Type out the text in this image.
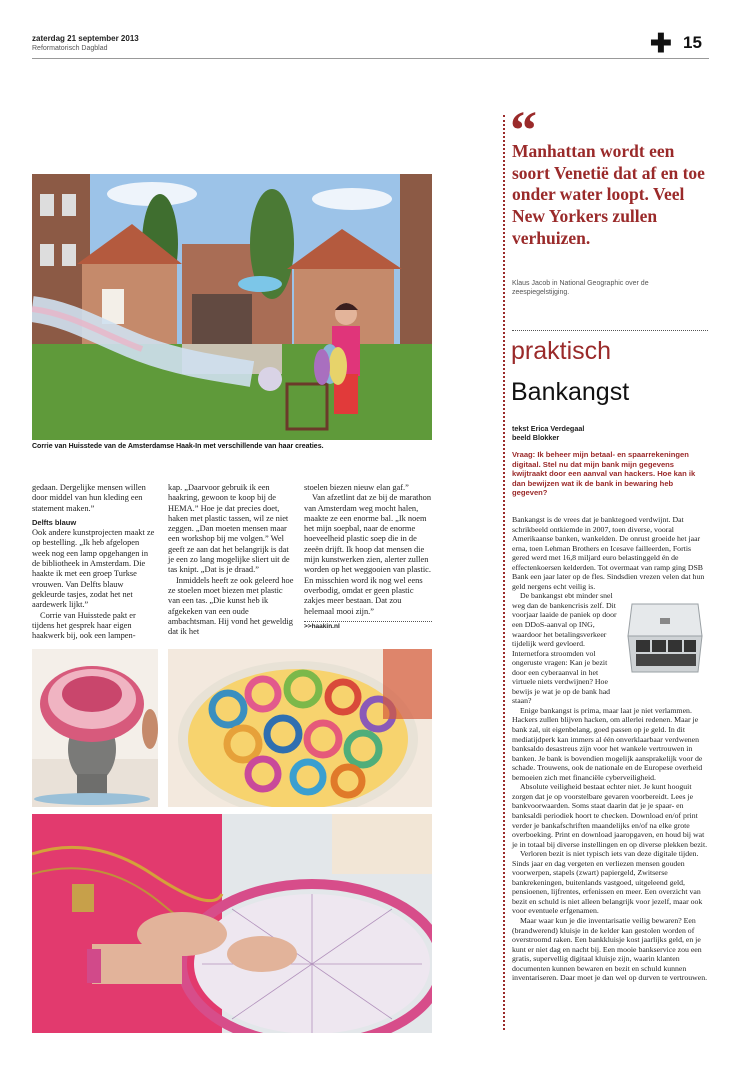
zaterdag 21 september 2013
Reformatorisch Dagblad	✚ 15
Corrie van Huisstede van de Amsterdamse Haak-In met verschillende van haar creaties.

gedaan. Dergelijke mensen willen door middel van hun kleding een statement maken.”

Delfts blauw

Ook andere kunstprojecten maakt ze op bestelling. „Ik heb afgelopen week nog een lamp opgehangen in de bibliotheek in Amsterdam. Die haakte ik met een groep Turkse vrouwen. Van Delfts blauw gekleurde tasjes, zodat het net aardewerk lijkt.”

Corrie van Huisstede pakt er tijdens het gesprek haar eigen haakwerk bij, ook een lampen-

kap. „Daarvoor gebruik ik een haakring, gewoon te koop bij de HEMA.” Hoe je dat precies doet, haken met plastic tassen, wil ze niet zeggen. „Dan moeten mensen maar een workshop bij me volgen.” Wel geeft ze aan dat het belangrijk is dat je een zo lang mogelijke sliert uit de tas knipt. „Dat is je draad.”

Inmiddels heeft ze ook geleerd hoe ze stoelen moet biezen met plastic van een tas. „Die kunst heb ik afgekeken van een oude ambachtsman. Hij vond het geweldig dat ik het

stoelen biezen nieuw elan gaf.”

Van afzetlint dat ze bij de marathon van Amsterdam weg mocht halen, maakte ze een enorme bal. „Ik noem het mijn soepbal, naar de enorme hoeveelheid plastic soep die in de zeeën drijft. Ik hoop dat mensen die mijn kunstwerken zien, alerter zullen worden op het weggooien van plastic. En misschien word ik nog wel eens overbodig, omdat er geen plastic zakjes meer bestaan. Dat zou helemaal mooi zijn.”

>>haakin.nl

“
Manhattan wordt een soort Venetië dat af en toe onder water loopt. Veel New Yorkers zullen verhuizen.
Klaus Jacob in National Geographic over de zeespiegelstijging.
praktisch
Bankangst
tekst Erica Verdegaal
beeld Blokker
Vraag: Ik beheer mijn betaal- en spaarrekeningen digitaal. Stel nu dat mijn bank mijn gegevens kwijtraakt door een aanval van hackers. Hoe kan ik dan bewijzen wat ik de bank in bewaring heb gegeven?

Bankangst is de vrees dat je banktegoed verdwijnt. Dat schrikbeeld ontkiemde in 2007, toen diverse, vooral Amerikaanse banken, wankelden. De onrust groeide het jaar erna, toen Lehman Brothers en Icesave failleerden, Fortis gered werd met 16,8 miljard euro belastinggeld én de effectenkoersen kelderden. Tot overmaat van ramp ging DSB Bank een jaar later op de fles. Sindsdien vrezen velen dat hun geld nergens echt veilig is.

De bankangst ebt minder snel weg dan de bankencrisis zelf. Dit voorjaar laaide de paniek op door een DDoS-aanval op ING, waardoor het betalingsverkeer tijdelijk werd gevloerd. Internetfora stroomden vol ongeruste vragen: Kan je bezit door een cyberaanval in het virtuele niets verdwijnen? Hoe bewijs je wat je op de bank had staan?

Enige bankangst is prima, maar laat je niet verlammen. Hackers zullen blijven hacken, om allerlei redenen. Maar je bank zal, uit eigenbelang, goed passen op je geld. In dit mediatijdperk kan immers al één onverklaarbaar verdwenen banksaldo desastreus zijn voor het wankele vertrouwen in banken. Je bank is bovendien mogelijk aansprakelijk voor de schade. Trouwens, ook de nationale en de Europese overheid bemoeien zich met financiële cyberveiligheid.

Absolute veiligheid bestaat echter niet. Je kunt hooguit zorgen dat je op voorstelbare gevaren voorbereidt. Lees je bankvoorwaarden. Soms staat daarin dat je je spaar- en banksaldi periodiek hoort te checken. Download en/of print verder je bankafschriften maandelijks en/of na elke grote overboeking. Print en download jaaropgaven, en houd bij wat je in totaal bij diverse instellingen en op diverse plekken bezit.

Verloren bezit is niet typisch iets van deze digitale tijden. Sinds jaar en dag vergeten en verliezen mensen gouden voorwerpen, stapels (zwart) papiergeld, Zwitserse bankrekeningen, buitenlands vastgoed, uitgeleend geld, pensioenen, lijfrentes, erfenissen en meer. Een overzicht van bezit en schuld is niet alleen belangrijk voor jezelf, maar ook voor eventuele erfgenamen.

Maar waar kun je die inventarisatie veilig bewaren? Een (brandwerend) kluisje in de kelder kan gestolen worden of overstroomd raken. Een bankkluisje kost jaarlijks geld, en je kunt er niet dag en nacht bij. Een mooie bankservice zou een gratis, supervellig digitaal kluisje zijn, waarin klanten documenten kunnen bewaren en bezit en schuld kunnen inventariseren. Daar moet je dan wel op durven te vertrouwen.
